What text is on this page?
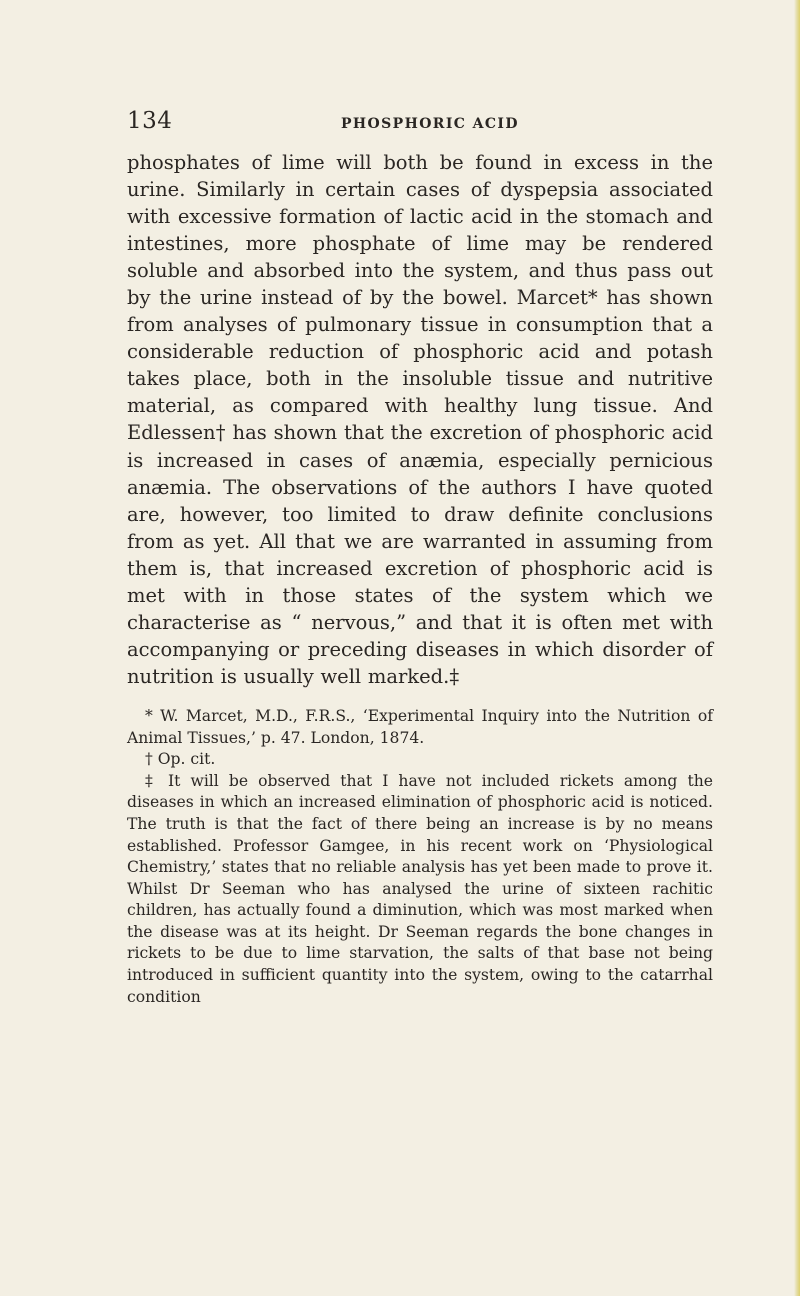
134	PHOSPHORIC ACID
phosphates of lime will both be found in excess in the urine. Similarly in certain cases of dyspepsia associated with excessive formation of lactic acid in the stomach and intestines, more phosphate of lime may be rendered soluble and absorbed into the system, and thus pass out by the urine instead of by the bowel. Marcet* has shown from analyses of pulmonary tissue in consumption that a considerable reduction of phosphoric acid and potash takes place, both in the insoluble tissue and nutritive material, as compared with healthy lung tissue. And Edlessen† has shown that the excretion of phosphoric acid is increased in cases of anæmia, especially pernicious anæmia. The observations of the authors I have quoted are, however, too limited to draw definite conclusions from as yet. All that we are warranted in assuming from them is, that increased excretion of phosphoric acid is met with in those states of the system which we characterise as “ nervous,” and that it is often met with accompanying or preceding diseases in which disorder of nutrition is usually well marked.‡

* W. Marcet, M.D., F.R.S., ‘Experimental Inquiry into the Nutrition of Animal Tissues,’ p. 47. London, 1874.

† Op. cit.

‡ It will be observed that I have not included rickets among the diseases in which an increased elimination of phosphoric acid is noticed. The truth is that the fact of there being an increase is by no means established. Professor Gamgee, in his recent work on ‘Physiological Chemistry,’ states that no reliable analysis has yet been made to prove it. Whilst Dr Seeman who has analysed the urine of sixteen rachitic children, has actually found a diminution, which was most marked when the disease was at its height. Dr Seeman regards the bone changes in rickets to be due to lime starvation, the salts of that base not being introduced in sufficient quantity into the system, owing to the catarrhal condition
